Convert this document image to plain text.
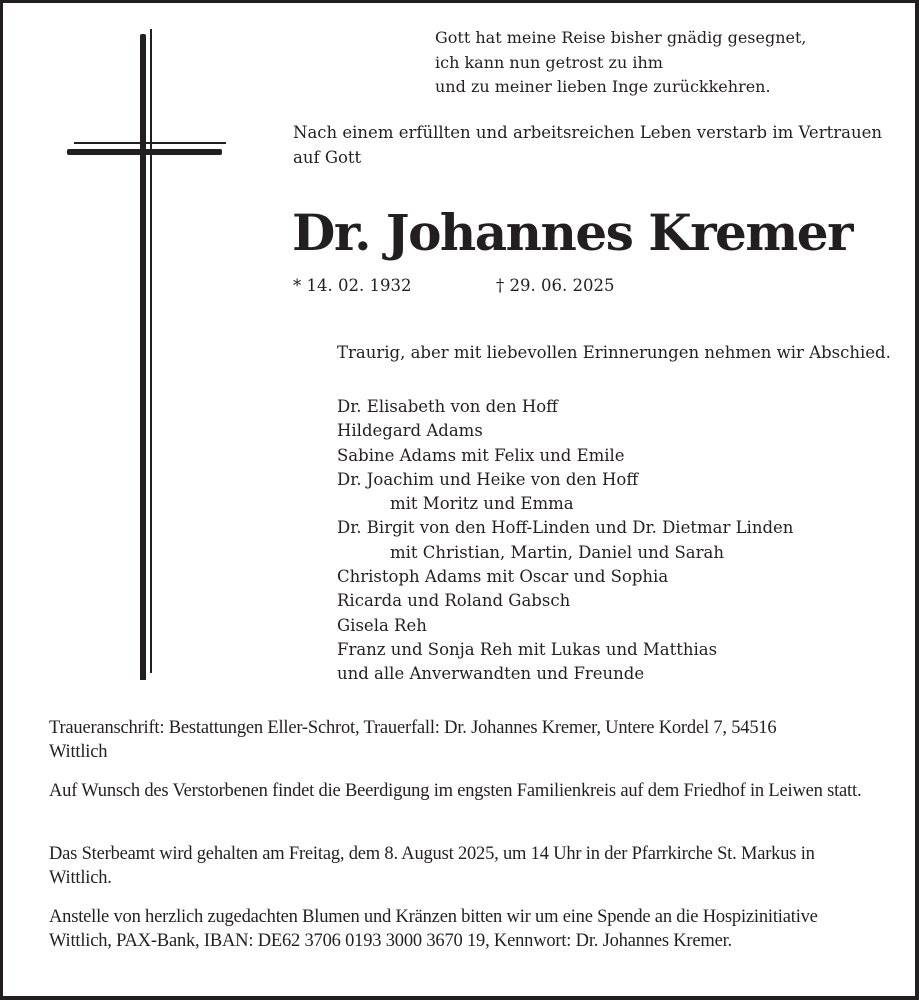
Gott hat meine Reise bisher gnädig gesegnet,
ich kann nun getrost zu ihm
und zu meiner lieben Inge zurückkehren.
Nach einem erfüllten und arbeitsreichen Leben verstarb im Vertrauen auf Gott
Dr. Johannes Kremer
* 14. 02. 1932	† 29. 06. 2025
Traurig, aber mit liebevollen Erinnerungen nehmen wir Abschied.
Dr. Elisabeth von den Hoff
Hildegard Adams
Sabine Adams mit Felix und Emile
Dr. Joachim und Heike von den Hoff
mit Moritz und Emma
Dr. Birgit von den Hoff-Linden und Dr. Dietmar Linden
mit Christian, Martin, Daniel und Sarah
Christoph Adams mit Oscar und Sophia
Ricarda und Roland Gabsch
Gisela Reh
Franz und Sonja Reh mit Lukas und Matthias
und alle Anverwandten und Freunde

Traueranschrift: Bestattungen Eller-Schrot, Trauerfall: Dr. Johannes Kremer, Untere Kordel 7, 54516 Wittlich

Auf Wunsch des Verstorbenen findet die Beerdigung im engsten Familienkreis auf dem Friedhof in Leiwen statt.

Das Sterbeamt wird gehalten am Freitag, dem 8. August 2025, um 14 Uhr in der Pfarrkirche St. Markus in Wittlich.

Anstelle von herzlich zugedachten Blumen und Kränzen bitten wir um eine Spende an die Hospizinitiative Wittlich, PAX-Bank, IBAN: DE62 3706 0193 3000 3670 19, Kennwort: Dr. Johannes Kremer.
